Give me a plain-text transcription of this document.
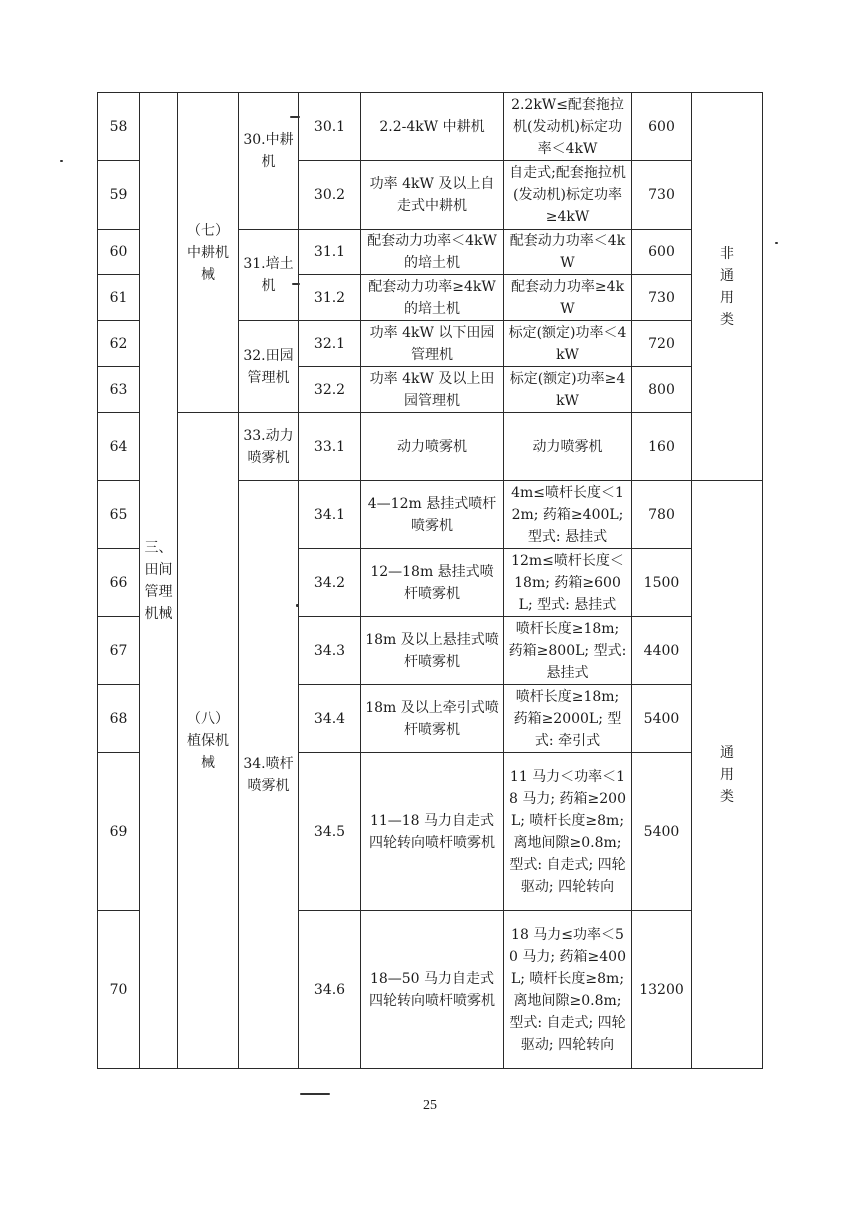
58	三、田间管理机械	（七）中耕机械	30.中耕机	30.1	2.2-4kW 中耕机	2.2kW≤配套拖拉机(发动机)标定功率＜4kW	600	非通用类
59				30.2	功率 4kW 及以上自走式中耕机	自走式;配套拖拉机(发动机)标定功率≥4kW	730	
60			31.培土机	31.1	配套动力功率＜4kW 的培土机	配套动力功率＜4kW	600	
61				31.2	配套动力功率≥4kW 的培土机	配套动力功率≥4kW	730	
62			32.田园管理机	32.1	功率 4kW 以下田园管理机	标定(额定)功率＜4kW	720	
63				32.2	功率 4kW 及以上田园管理机	标定(额定)功率≥4kW	800	
64		（八）植保机械	33.动力喷雾机	33.1	动力喷雾机	动力喷雾机	160	
65			34.喷杆喷雾机	34.1	4—12m 悬挂式喷杆喷雾机	4m≤喷杆长度＜12m; 药箱≥400L; 型式: 悬挂式	780	通用类
66				34.2	12—18m 悬挂式喷杆喷雾机	12m≤喷杆长度＜18m; 药箱≥600L; 型式: 悬挂式	1500	
67				34.3	18m 及以上悬挂式喷杆喷雾机	喷杆长度≥18m; 药箱≥800L; 型式: 悬挂式	4400	
68				34.4	18m 及以上牵引式喷杆喷雾机	喷杆长度≥18m; 药箱≥2000L; 型式: 牵引式	5400	
69				34.5	11—18 马力自走式四轮转向喷杆喷雾机	11 马力＜功率＜18 马力; 药箱≥200L; 喷杆长度≥8m; 离地间隙≥0.8m; 型式: 自走式; 四轮驱动; 四轮转向	5400	
70				34.6	18—50 马力自走式四轮转向喷杆喷雾机	18 马力≤功率＜50 马力; 药箱≥400L; 喷杆长度≥8m; 离地间隙≥0.8m; 型式: 自走式; 四轮驱动; 四轮转向	13200	
25
